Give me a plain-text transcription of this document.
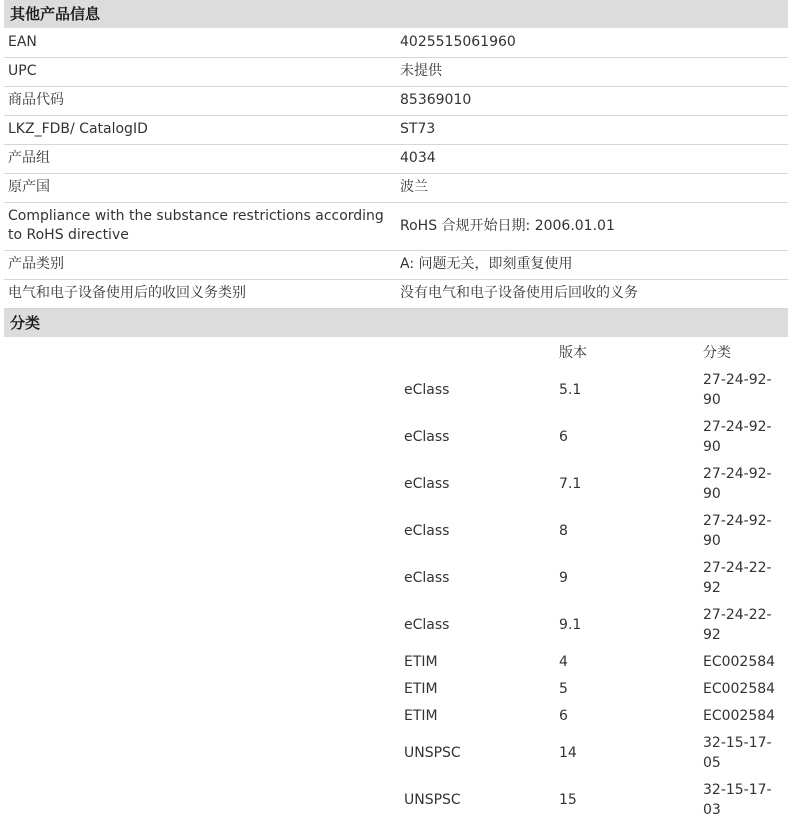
其他产品信息
EAN	4025515061960
UPC	未提供
商品代码	85369010
LKZ_FDB/ CatalogID	ST73
产品组	4034
原产国	波兰
Compliance with the substance restrictions according to RoHS directive	RoHS 合规开始日期: 2006.01.01
产品类别	A: 问题无关，即刻重复使用
电气和电子设备使用后的收回义务类别	没有电气和电子设备使用后回收的义务
分类
	版本	分类
eClass	5.1	27-24-92-90
eClass	6	27-24-92-90
eClass	7.1	27-24-92-90
eClass	8	27-24-92-90
eClass	9	27-24-22-92
eClass	9.1	27-24-22-92
ETIM	4	EC002584
ETIM	5	EC002584
ETIM	6	EC002584
UNSPSC	14	32-15-17-05
UNSPSC	15	32-15-17-03
